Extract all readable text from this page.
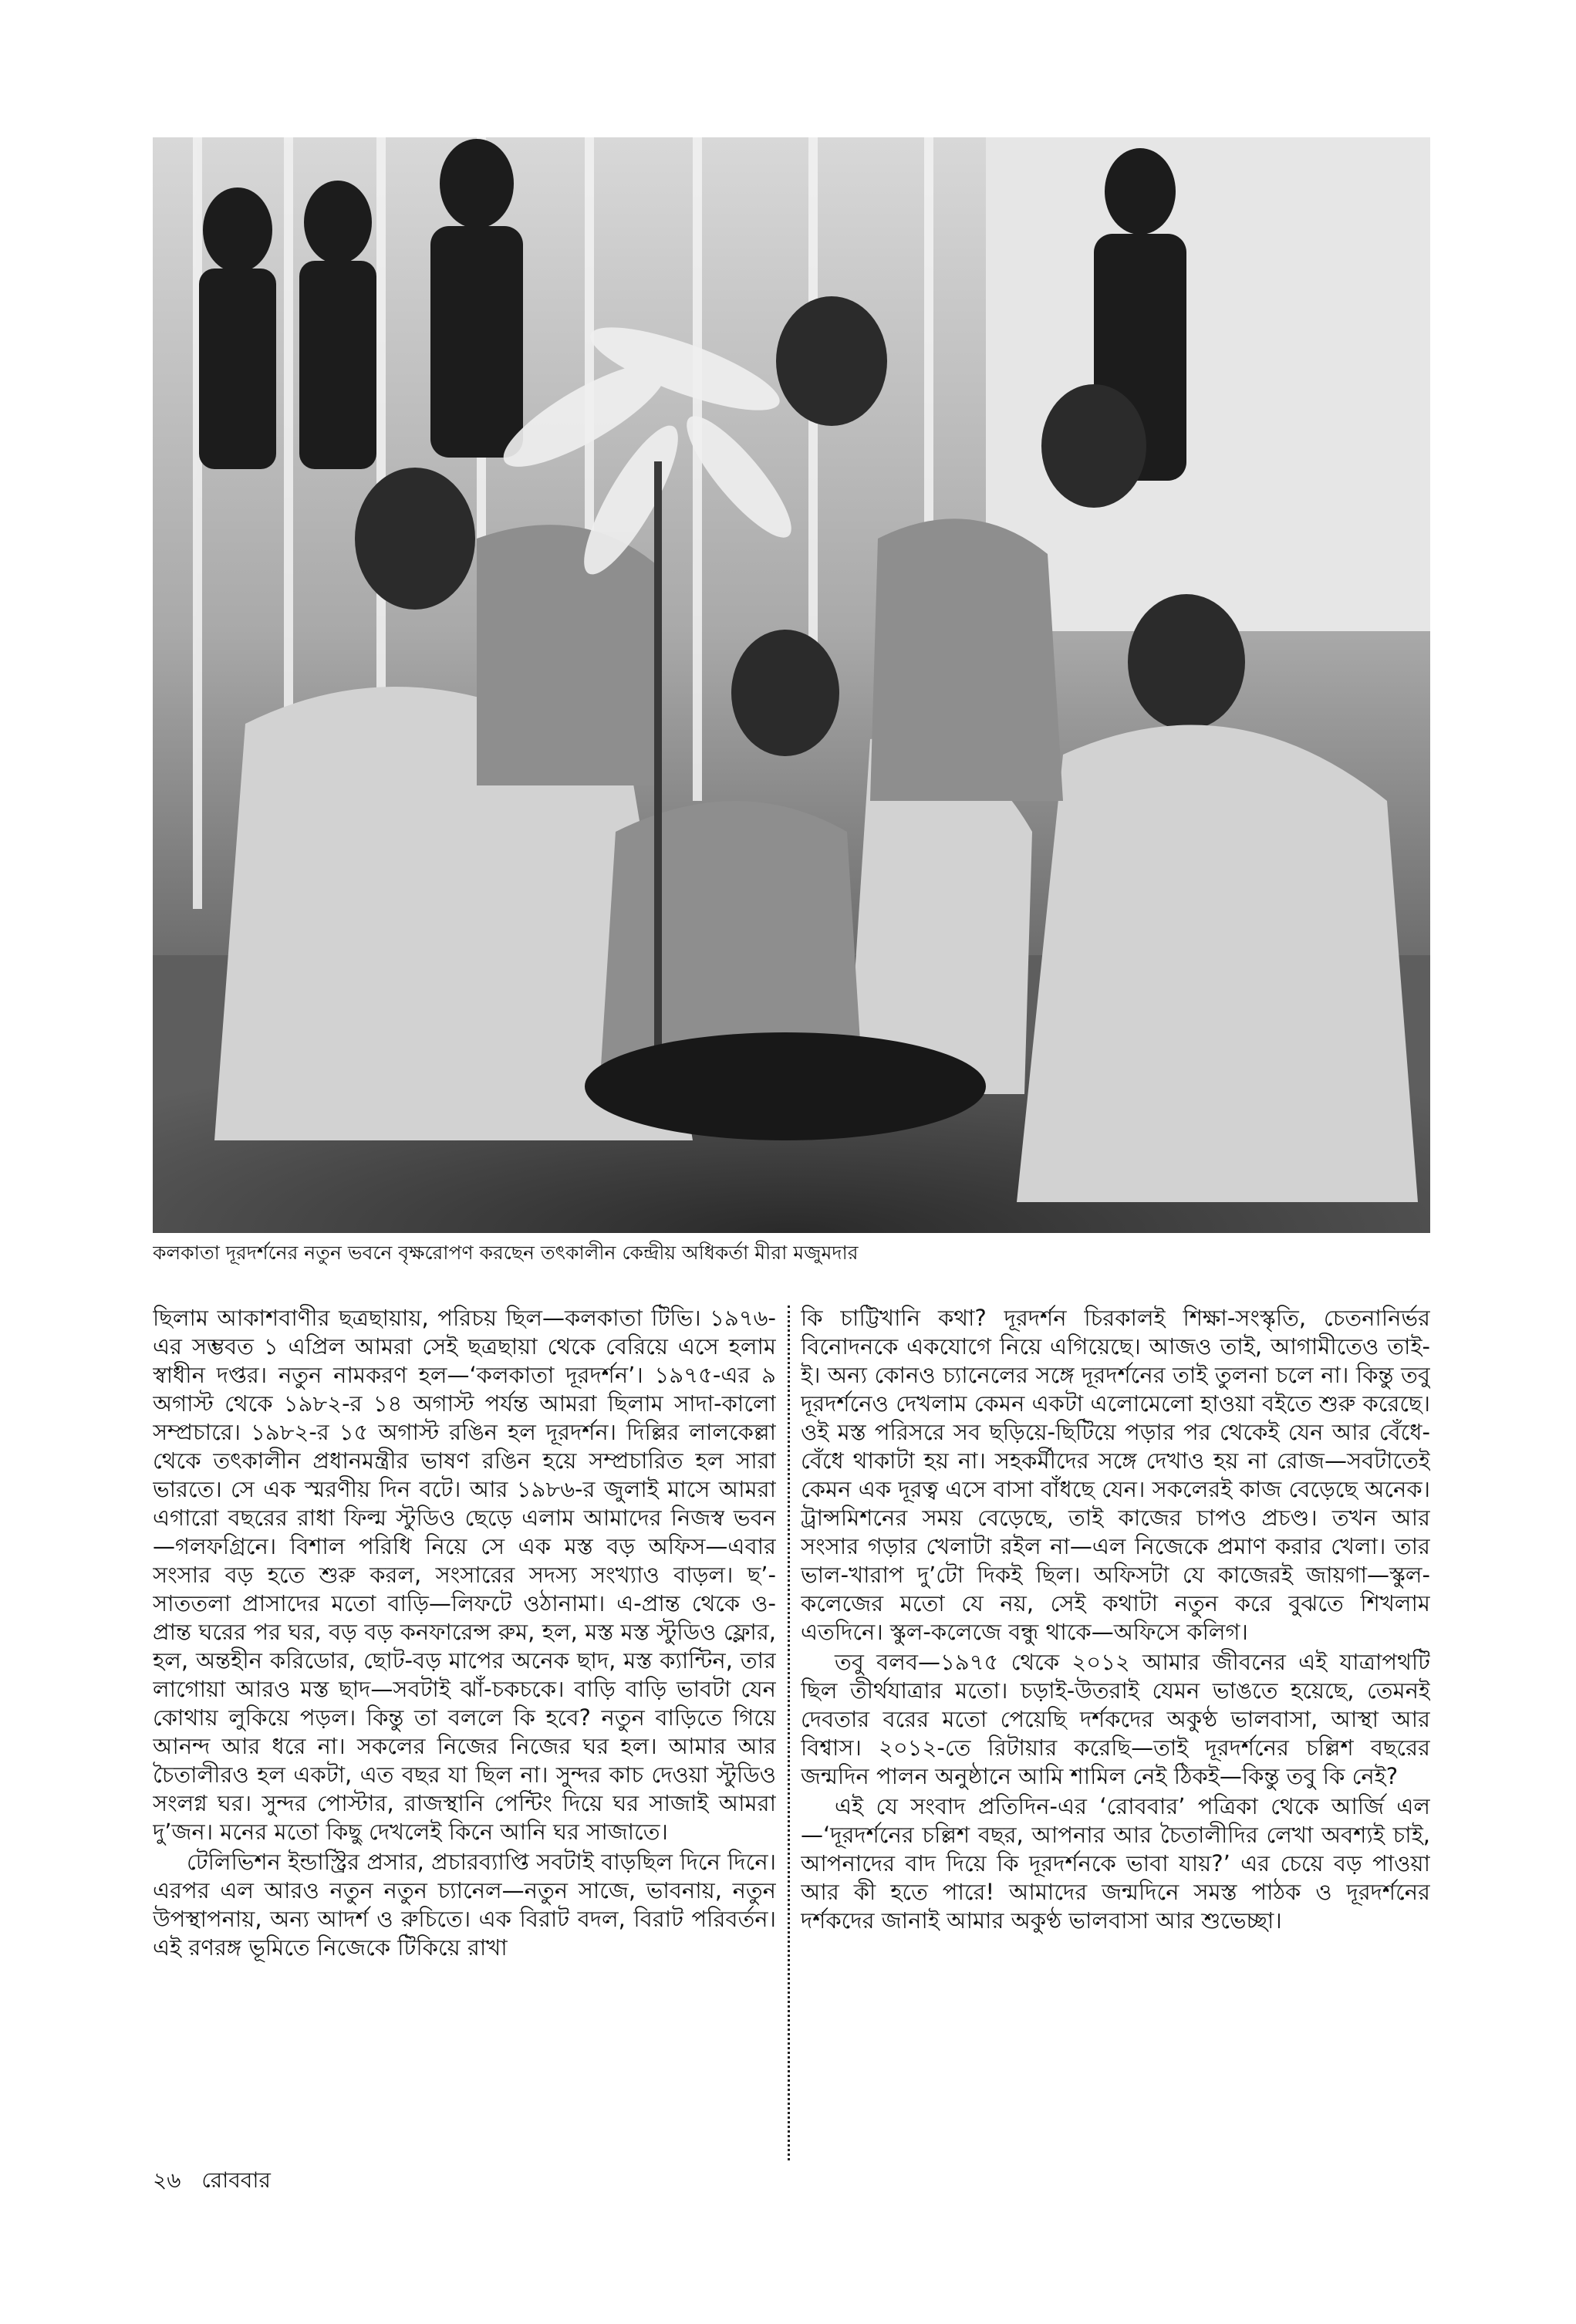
কলকাতা দূরদর্শনের নতুন ভবনে বৃক্ষরোপণ করছেন তৎকালীন কেন্দ্রীয় অধিকর্তা মীরা মজুমদার

ছিলাম আকাশবাণীর ছত্রছায়ায়, পরিচয় ছিল—কলকাতা টিভি। ১৯৭৬-এর সম্ভবত ১ এপ্রিল আমরা সেই ছত্রছায়া থেকে বেরিয়ে এসে হলাম স্বাধীন দপ্তর। নতুন নামকরণ হল—‘কলকাতা দূরদর্শন’। ১৯৭৫-এর ৯ অগাস্ট থেকে ১৯৮২-র ১৪ অগাস্ট পর্যন্ত আমরা ছিলাম সাদা-কালো সম্প্রচারে। ১৯৮২-র ১৫ অগাস্ট রঙিন হল দূরদর্শন। দিল্লির লালকেল্লা থেকে তৎকালীন প্রধানমন্ত্রীর ভাষণ রঙিন হয়ে সম্প্রচারিত হল সারা ভারতে। সে এক স্মরণীয় দিন বটে। আর ১৯৮৬-র জুলাই মাসে আমরা এগারো বছরের রাধা ফিল্ম স্টুডিও ছেড়ে এলাম আমাদের নিজস্ব ভবন—গলফগ্রিনে। বিশাল পরিধি নিয়ে সে এক মস্ত বড় অফিস—এবার সংসার বড় হতে শুরু করল, সংসারের সদস্য সংখ্যাও বাড়ল। ছ’-সাততলা প্রাসাদের মতো বাড়ি—লিফটে ওঠানামা। এ-প্রান্ত থেকে ও-প্রান্ত ঘরের পর ঘর, বড় বড় কনফারেন্স রুম, হল, মস্ত মস্ত স্টুডিও ফ্লোর, হল, অন্তহীন করিডোর, ছোট-বড় মাপের অনেক ছাদ, মস্ত ক্যান্টিন, তার লাগোয়া আরও মস্ত ছাদ—সবটাই ঝাঁ-চকচকে। বাড়ি বাড়ি ভাবটা যেন কোথায় লুকিয়ে পড়ল। কিন্তু তা বললে কি হবে? নতুন বাড়িতে গিয়ে আনন্দ আর ধরে না। সকলের নিজের নিজের ঘর হল। আমার আর চৈতালীরও হল একটা, এত বছর যা ছিল না। সুন্দর কাচ দেওয়া স্টুডিও সংলগ্ন ঘর। সুন্দর পোস্টার, রাজস্থানি পেন্টিং দিয়ে ঘর সাজাই আমরা দু’জন। মনের মতো কিছু দেখলেই কিনে আনি ঘর সাজাতে।

টেলিভিশন ইন্ডাস্ট্রির প্রসার, প্রচারব্যাপ্তি সবটাই বাড়ছিল দিনে দিনে। এরপর এল আরও নতুন নতুন চ্যানেল—নতুন সাজে, ভাবনায়, নতুন উপস্থাপনায়, অন্য আদর্শ ও রুচিতে। এক বিরাট বদল, বিরাট পরিবর্তন। এই রণরঙ্গ ভূমিতে নিজেকে টিকিয়ে রাখা

কি চাট্টিখানি কথা? দূরদর্শন চিরকালই শিক্ষা-সংস্কৃতি, চেতনানির্ভর বিনোদনকে একযোগে নিয়ে এগিয়েছে। আজও তাই, আগামীতেও তাই-ই। অন্য কোনও চ্যানেলের সঙ্গে দূরদর্শনের তাই তুলনা চলে না। কিন্তু তবু দূরদর্শনেও দেখলাম কেমন একটা এলোমেলো হাওয়া বইতে শুরু করেছে। ওই মস্ত পরিসরে সব ছড়িয়ে-ছিটিয়ে পড়ার পর থেকেই যেন আর বেঁধে-বেঁধে থাকাটা হয় না। সহকর্মীদের সঙ্গে দেখাও হয় না রোজ—সবটাতেই কেমন এক দূরত্ব এসে বাসা বাঁধছে যেন। সকলেরই কাজ বেড়েছে অনেক। ট্রান্সমিশনের সময় বেড়েছে, তাই কাজের চাপও প্রচণ্ড। তখন আর সংসার গড়ার খেলাটা রইল না—এল নিজেকে প্রমাণ করার খেলা। তার ভাল-খারাপ দু’টো দিকই ছিল। অফিসটা যে কাজেরই জায়গা—স্কুল-কলেজের মতো যে নয়, সেই কথাটা নতুন করে বুঝতে শিখলাম এতদিনে। স্কুল-কলেজে বন্ধু থাকে—অফিসে কলিগ।

তবু বলব—১৯৭৫ থেকে ২০১২ আমার জীবনের এই যাত্রাপথটি ছিল তীর্থযাত্রার মতো। চড়াই-উতরাই যেমন ভাঙতে হয়েছে, তেমনই দেবতার বরের মতো পেয়েছি দর্শকদের অকুণ্ঠ ভালবাসা, আস্থা আর বিশ্বাস। ২০১২-তে রিটায়ার করেছি—তাই দূরদর্শনের চল্লিশ বছরের জন্মদিন পালন অনুষ্ঠানে আমি শামিল নেই ঠিকই—কিন্তু তবু কি নেই?

এই যে সংবাদ প্রতিদিন-এর ‘রোববার’ পত্রিকা থেকে আর্জি এল—‘দূরদর্শনের চল্লিশ বছর, আপনার আর চৈতালীদির লেখা অবশ্যই চাই, আপনাদের বাদ দিয়ে কি দূরদর্শনকে ভাবা যায়?’ এর চেয়ে বড় পাওয়া আর কী হতে পারে! আমাদের জন্মদিনে সমস্ত পাঠক ও দূরদর্শনের দর্শকদের জানাই আমার অকুণ্ঠ ভালবাসা আর শুভেচ্ছা।

২৬ রোববার
